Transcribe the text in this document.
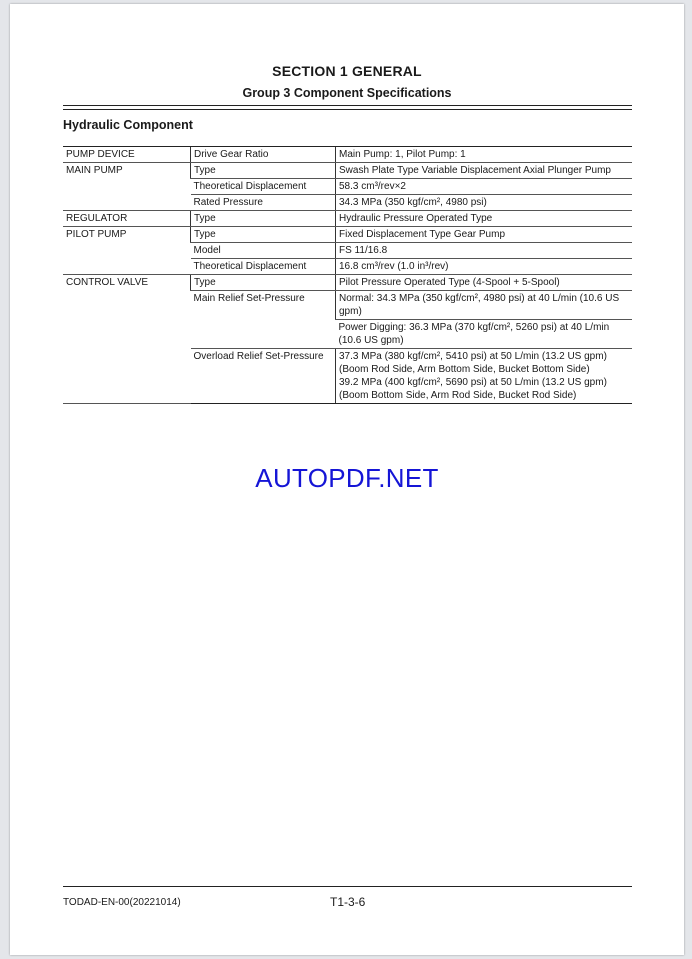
SECTION 1 GENERAL
Group 3 Component Specifications
Hydraulic Component
PUMP DEVICE	Drive Gear Ratio	Main Pump: 1, Pilot Pump: 1
MAIN PUMP	Type	Swash Plate Type Variable Displacement Axial Plunger Pump
	Theoretical Displacement	58.3 cm³/rev×2
	Rated Pressure	34.3 MPa (350 kgf/cm², 4980 psi)
REGULATOR	Type	Hydraulic Pressure Operated Type
PILOT PUMP	Type	Fixed Displacement Type Gear Pump
	Model	FS 11/16.8
	Theoretical Displacement	16.8 cm³/rev (1.0 in³/rev)
CONTROL VALVE	Type	Pilot Pressure Operated Type (4-Spool + 5-Spool)
	Main Relief Set-Pressure	Normal: 34.3 MPa (350 kgf/cm², 4980 psi) at 40 L/min (10.6 US gpm)
		Power Digging: 36.3 MPa (370 kgf/cm², 5260 psi) at 40 L/min (10.6 US gpm)
	Overload Relief Set-Pressure	37.3 MPa (380 kgf/cm², 5410 psi) at 50 L/min (13.2 US gpm)
(Boom Rod Side, Arm Bottom Side, Bucket Bottom Side)
39.2 MPa (400 kgf/cm², 5690 psi) at 50 L/min (13.2 US gpm)
(Boom Bottom Side, Arm Rod Side, Bucket Rod Side)
AUTOPDF.NET
TODAD-EN-00(20221014)	T1-3-6
